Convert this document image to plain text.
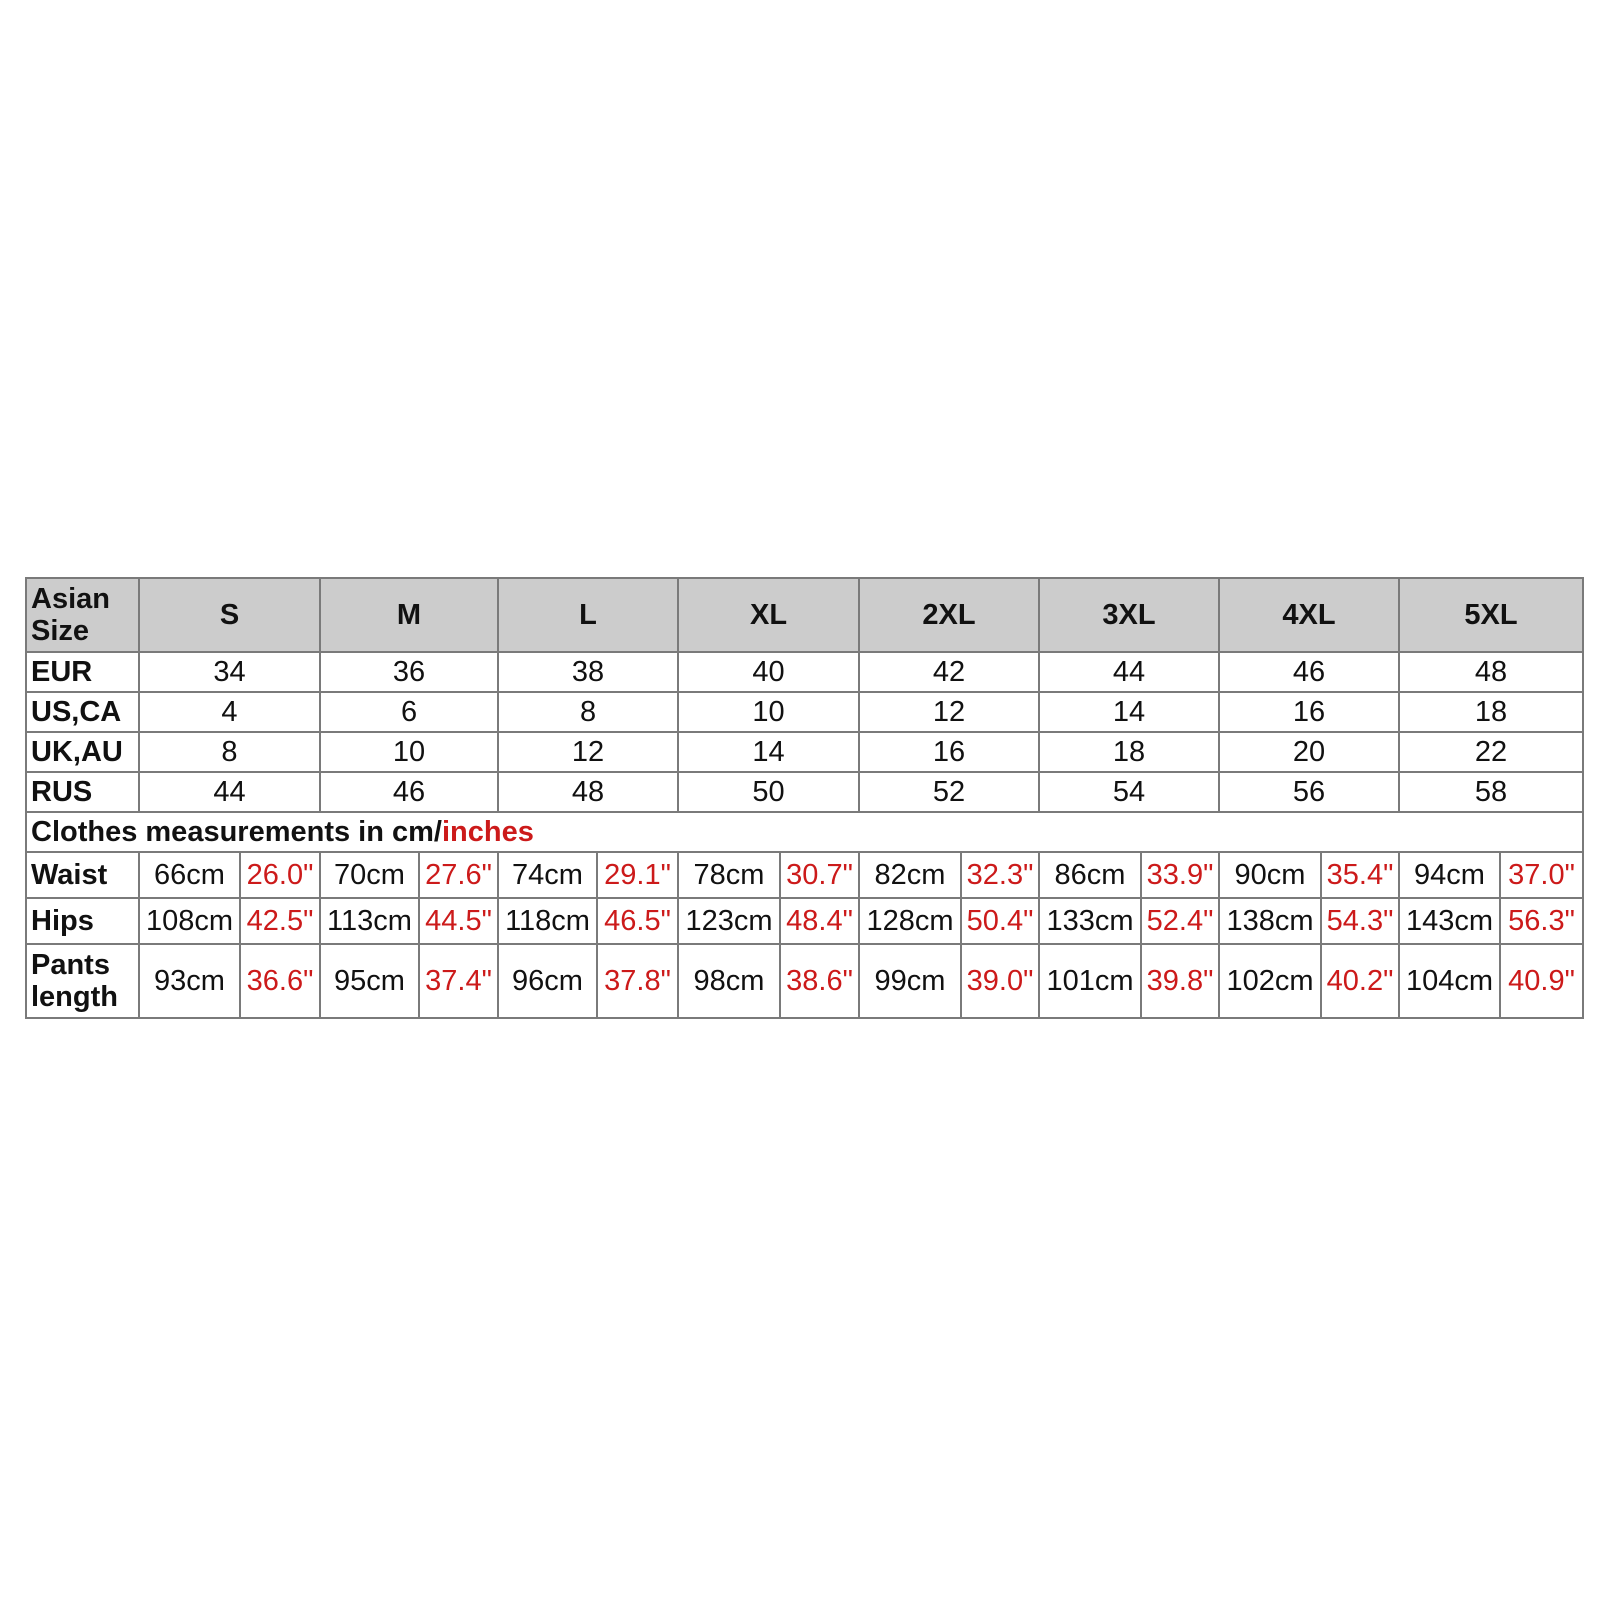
Asian Size	S		M		L		XL		2XL		3XL		4XL		5XL	
EUR	34		36		38		40		42		44		46		48	
US,CA	4		6		8		10		12		14		16		18	
UK,AU	8		10		12		14		16		18		20		22	
RUS	44		46		48		50		52		54		56		58	
Clothes measurements in cm/inches																
Waist	66cm	26.0"	70cm	27.6"	74cm	29.1"	78cm	30.7"	82cm	32.3"	86cm	33.9"	90cm	35.4"	94cm	37.0"
Hips	108cm	42.5"	113cm	44.5"	118cm	46.5"	123cm	48.4"	128cm	50.4"	133cm	52.4"	138cm	54.3"	143cm	56.3"
Pants length	93cm	36.6"	95cm	37.4"	96cm	37.8"	98cm	38.6"	99cm	39.0"	101cm	39.8"	102cm	40.2"	104cm	40.9"
